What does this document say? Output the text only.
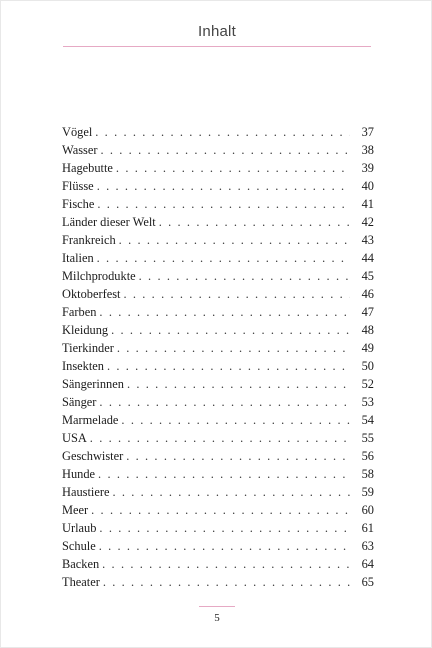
Inhalt
Vögel . . .	37
Wasser . . .	38
Hagebutte . . .	39
Flüsse . . .	40
Fische . . .	41
Länder dieser Welt . . .	42
Frankreich . . .	43
Italien . . .	44
Milchprodukte . . .	45
Oktoberfest . . .	46
Farben . . .	47
Kleidung . . .	48
Tierkinder . . .	49
Insekten . . .	50
Sängerinnen . . .	52
Sänger . . .	53
Marmelade . . .	54
USA . . .	55
Geschwister . . .	56
Hunde . . .	58
Haustiere . . .	59
Meer . . .	60
Urlaub . . .	61
Schule . . .	63
Backen . . .	64
Theater . . .	65
5
